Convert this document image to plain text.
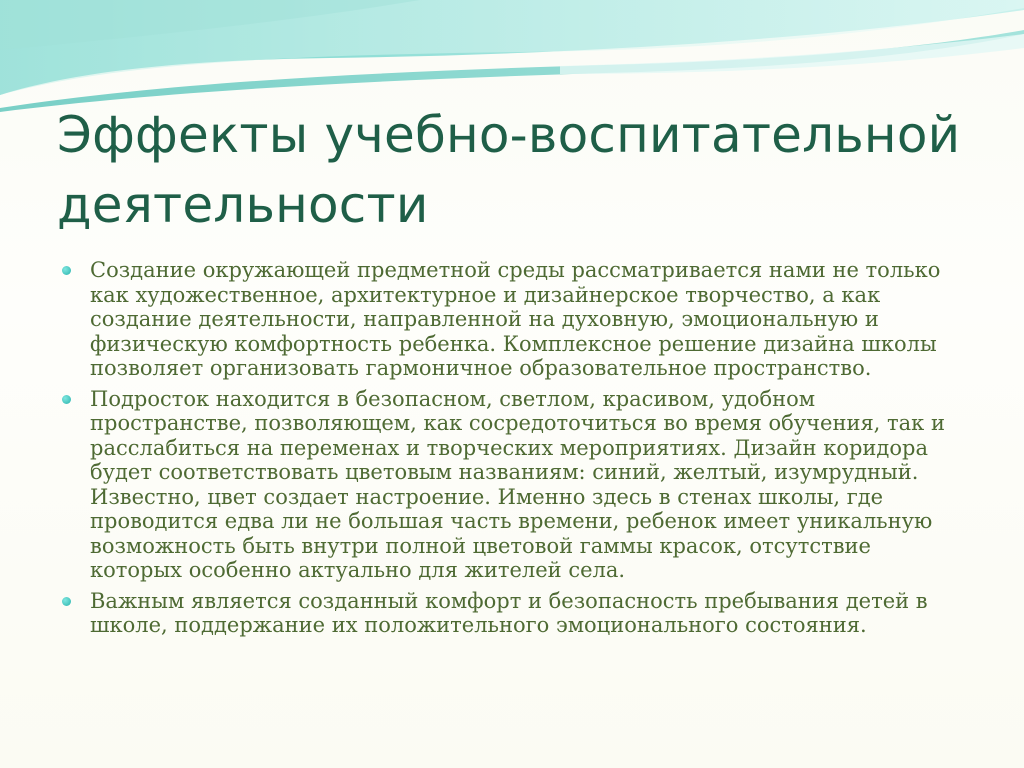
Эффекты учебно-воспитательной деятельности
Создание окружающей предметной среды рассматривается нами не только как художественное, архитектурное и дизайнерское творчество, а как создание деятельности, направленной на духовную, эмоциональную и физическую комфортность ребенка. Комплексное решение дизайна школы позволяет организовать гармоничное образовательное пространство.
Подросток находится в безопасном, светлом, красивом, удобном пространстве, позволяющем, как сосредоточиться во время обучения, так и расслабиться на переменах и творческих мероприятиях. Дизайн коридора будет соответствовать цветовым названиям: синий, желтый, изумрудный. Известно, цвет создает настроение. Именно здесь в стенах школы, где проводится едва ли не большая часть времени, ребенок имеет уникальную возможность быть внутри полной цветовой гаммы красок, отсутствие которых особенно актуально для жителей села.
Важным является созданный комфорт и безопасность пребывания детей в школе, поддержание их положительного эмоционального состояния.
